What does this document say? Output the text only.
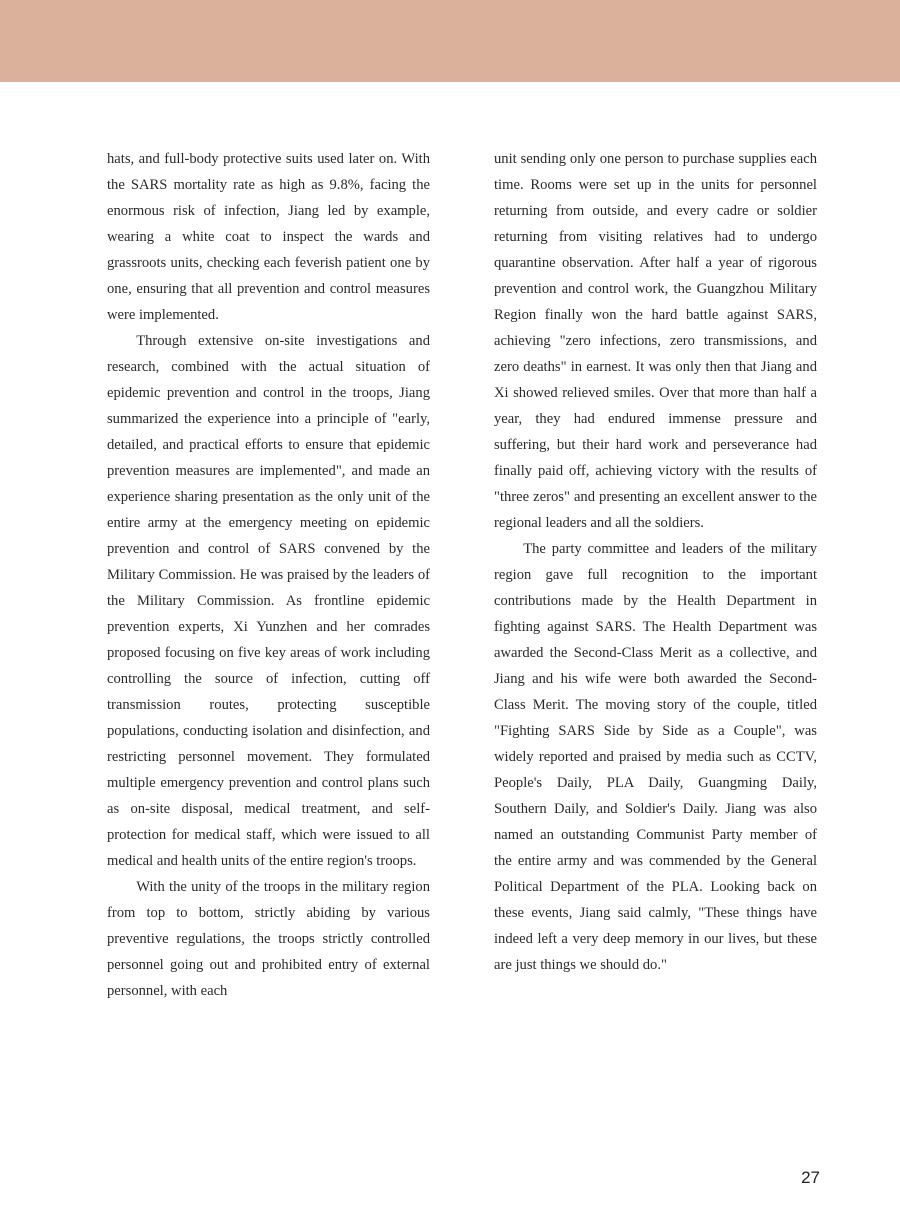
hats, and full-body protective suits used later on. With the SARS mortality rate as high as 9.8%, facing the enormous risk of infection, Jiang led by example, wearing a white coat to inspect the wards and grassroots units, checking each feverish patient one by one, ensuring that all prevention and control measures were implemented.

Through extensive on-site investigations and research, combined with the actual situation of epidemic prevention and control in the troops, Jiang summarized the experience into a principle of "early, detailed, and practical efforts to ensure that epidemic prevention measures are implemented", and made an experience sharing presentation as the only unit of the entire army at the emergency meeting on epidemic prevention and control of SARS convened by the Military Commission. He was praised by the leaders of the Military Commission. As frontline epidemic prevention experts, Xi Yunzhen and her comrades proposed focusing on five key areas of work including controlling the source of infection, cutting off transmission routes, protecting susceptible populations, conducting isolation and disinfection, and restricting personnel movement. They formulated multiple emergency prevention and control plans such as on-site disposal, medical treatment, and self-protection for medical staff, which were issued to all medical and health units of the entire region's troops.

With the unity of the troops in the military region from top to bottom, strictly abiding by various preventive regulations, the troops strictly controlled personnel going out and prohibited entry of external personnel, with each

unit sending only one person to purchase supplies each time. Rooms were set up in the units for personnel returning from outside, and every cadre or soldier returning from visiting relatives had to undergo quarantine observation. After half a year of rigorous prevention and control work, the Guangzhou Military Region finally won the hard battle against SARS, achieving "zero infections, zero transmissions, and zero deaths" in earnest. It was only then that Jiang and Xi showed relieved smiles. Over that more than half a year, they had endured immense pressure and suffering, but their hard work and perseverance had finally paid off, achieving victory with the results of "three zeros" and presenting an excellent answer to the regional leaders and all the soldiers.

The party committee and leaders of the military region gave full recognition to the important contributions made by the Health Department in fighting against SARS. The Health Department was awarded the Second-Class Merit as a collective, and Jiang and his wife were both awarded the Second-Class Merit. The moving story of the couple, titled "Fighting SARS Side by Side as a Couple", was widely reported and praised by media such as CCTV, People's Daily, PLA Daily, Guangming Daily, Southern Daily, and Soldier's Daily. Jiang was also named an outstanding Communist Party member of the entire army and was commended by the General Political Department of the PLA. Looking back on these events, Jiang said calmly, "These things have indeed left a very deep memory in our lives, but these are just things we should do."

27
